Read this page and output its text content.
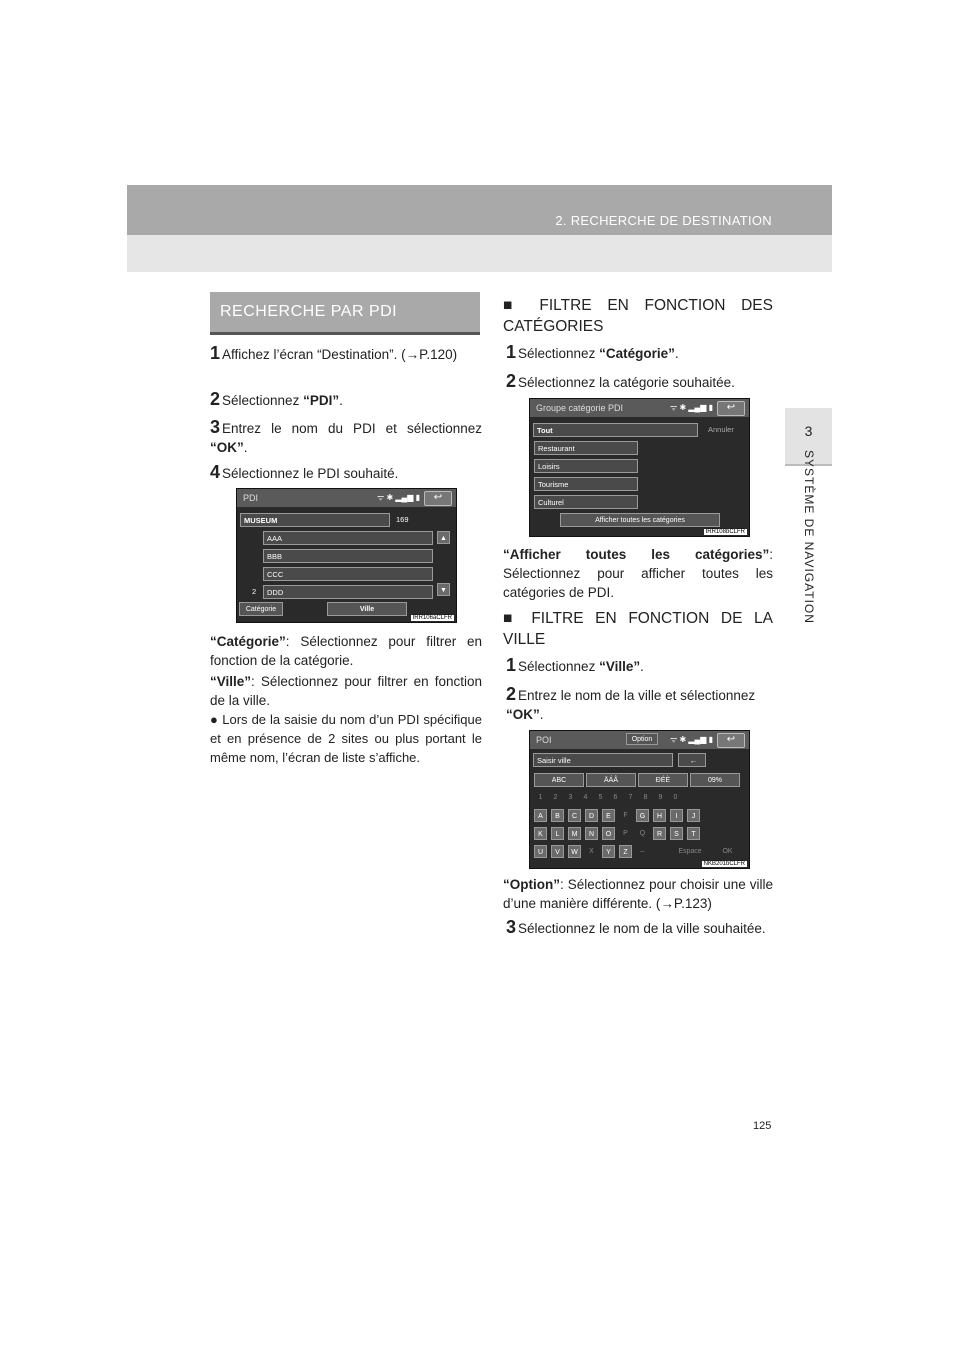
2. RECHERCHE DE DESTINATION
3
SYSTÈME DE NAVIGATION
125
RECHERCHE PAR PDI
1 Affichez l’écran “Destination”. (→P.120)
2 Sélectionnez “PDI”.
3 Entrez le nom du PDI et sélectionnez “OK”.
4 Sélectionnez le PDI souhaité.
PDI	ᯤ ✱ ▂▄▆ ▮	↩
MUSEUM	169
AAA
BBB
CCC
DDD
2
▲
▼
Catégorie	Ville
IRR106aCLFR
“Catégorie”: Sélectionnez pour filtrer en fonction de la catégorie.
“Ville”: Sélectionnez pour filtrer en fonction de la ville.
● Lors de la saisie du nom d’un PDI spécifique et en présence de 2 sites ou plus portant le même nom, l’écran de liste s’affiche.
■ FILTRE EN FONCTION DES CATÉGORIES
1 Sélectionnez “Catégorie”.
2 Sélectionnez la catégorie souhaitée.
Groupe catégorie PDI	ᯤ ✱ ▂▄▆ ▮	↩
Tout	Annuler
Restaurant
Loisirs
Tourisme
Culturel
Afficher toutes les catégories
IRR108bCLFR
“Afficher toutes les catégories”: Sélectionnez pour afficher toutes les catégories de PDI.
■ FILTRE EN FONCTION DE LA VILLE
1 Sélectionnez “Ville”.
2 Entrez le nom de la ville et sélectionnez “OK”.
POI	Option	ᯤ ✱ ▂▄▆ ▮	↩
Saisir ville	←
ABC	ÄÁÂ	ĐÉÈ	09%
1	2	3	4	5	6	7	8	9	0
A	B	C	D	E	F	G	H	I	J
K	L	M	N	O	P	Q	R	S	T
U	V	W	X	Y	Z	–	Espace	OK
NKB201bCLFR
“Option”: Sélectionnez pour choisir une ville d’une manière différente. (→P.123)
3 Sélectionnez le nom de la ville souhaitée.
